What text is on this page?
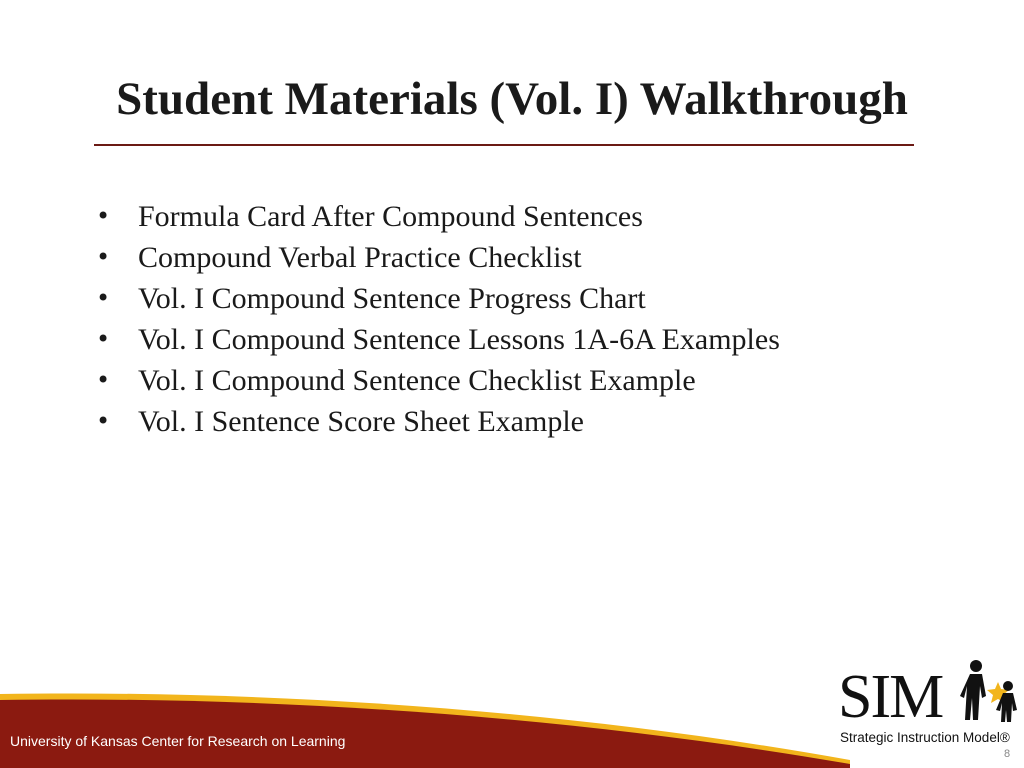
Student Materials (Vol. I) Walkthrough
• Formula Card After Compound Sentences
• Compound Verbal Practice Checklist
• Vol. I Compound Sentence Progress Chart
• Vol. I Compound Sentence Lessons 1A-6A Examples
• Vol. I Compound Sentence Checklist Example
• Vol. I Sentence Score Sheet Example
University of Kansas Center for Research on Learning
SIM
Strategic Instruction Model®
8
